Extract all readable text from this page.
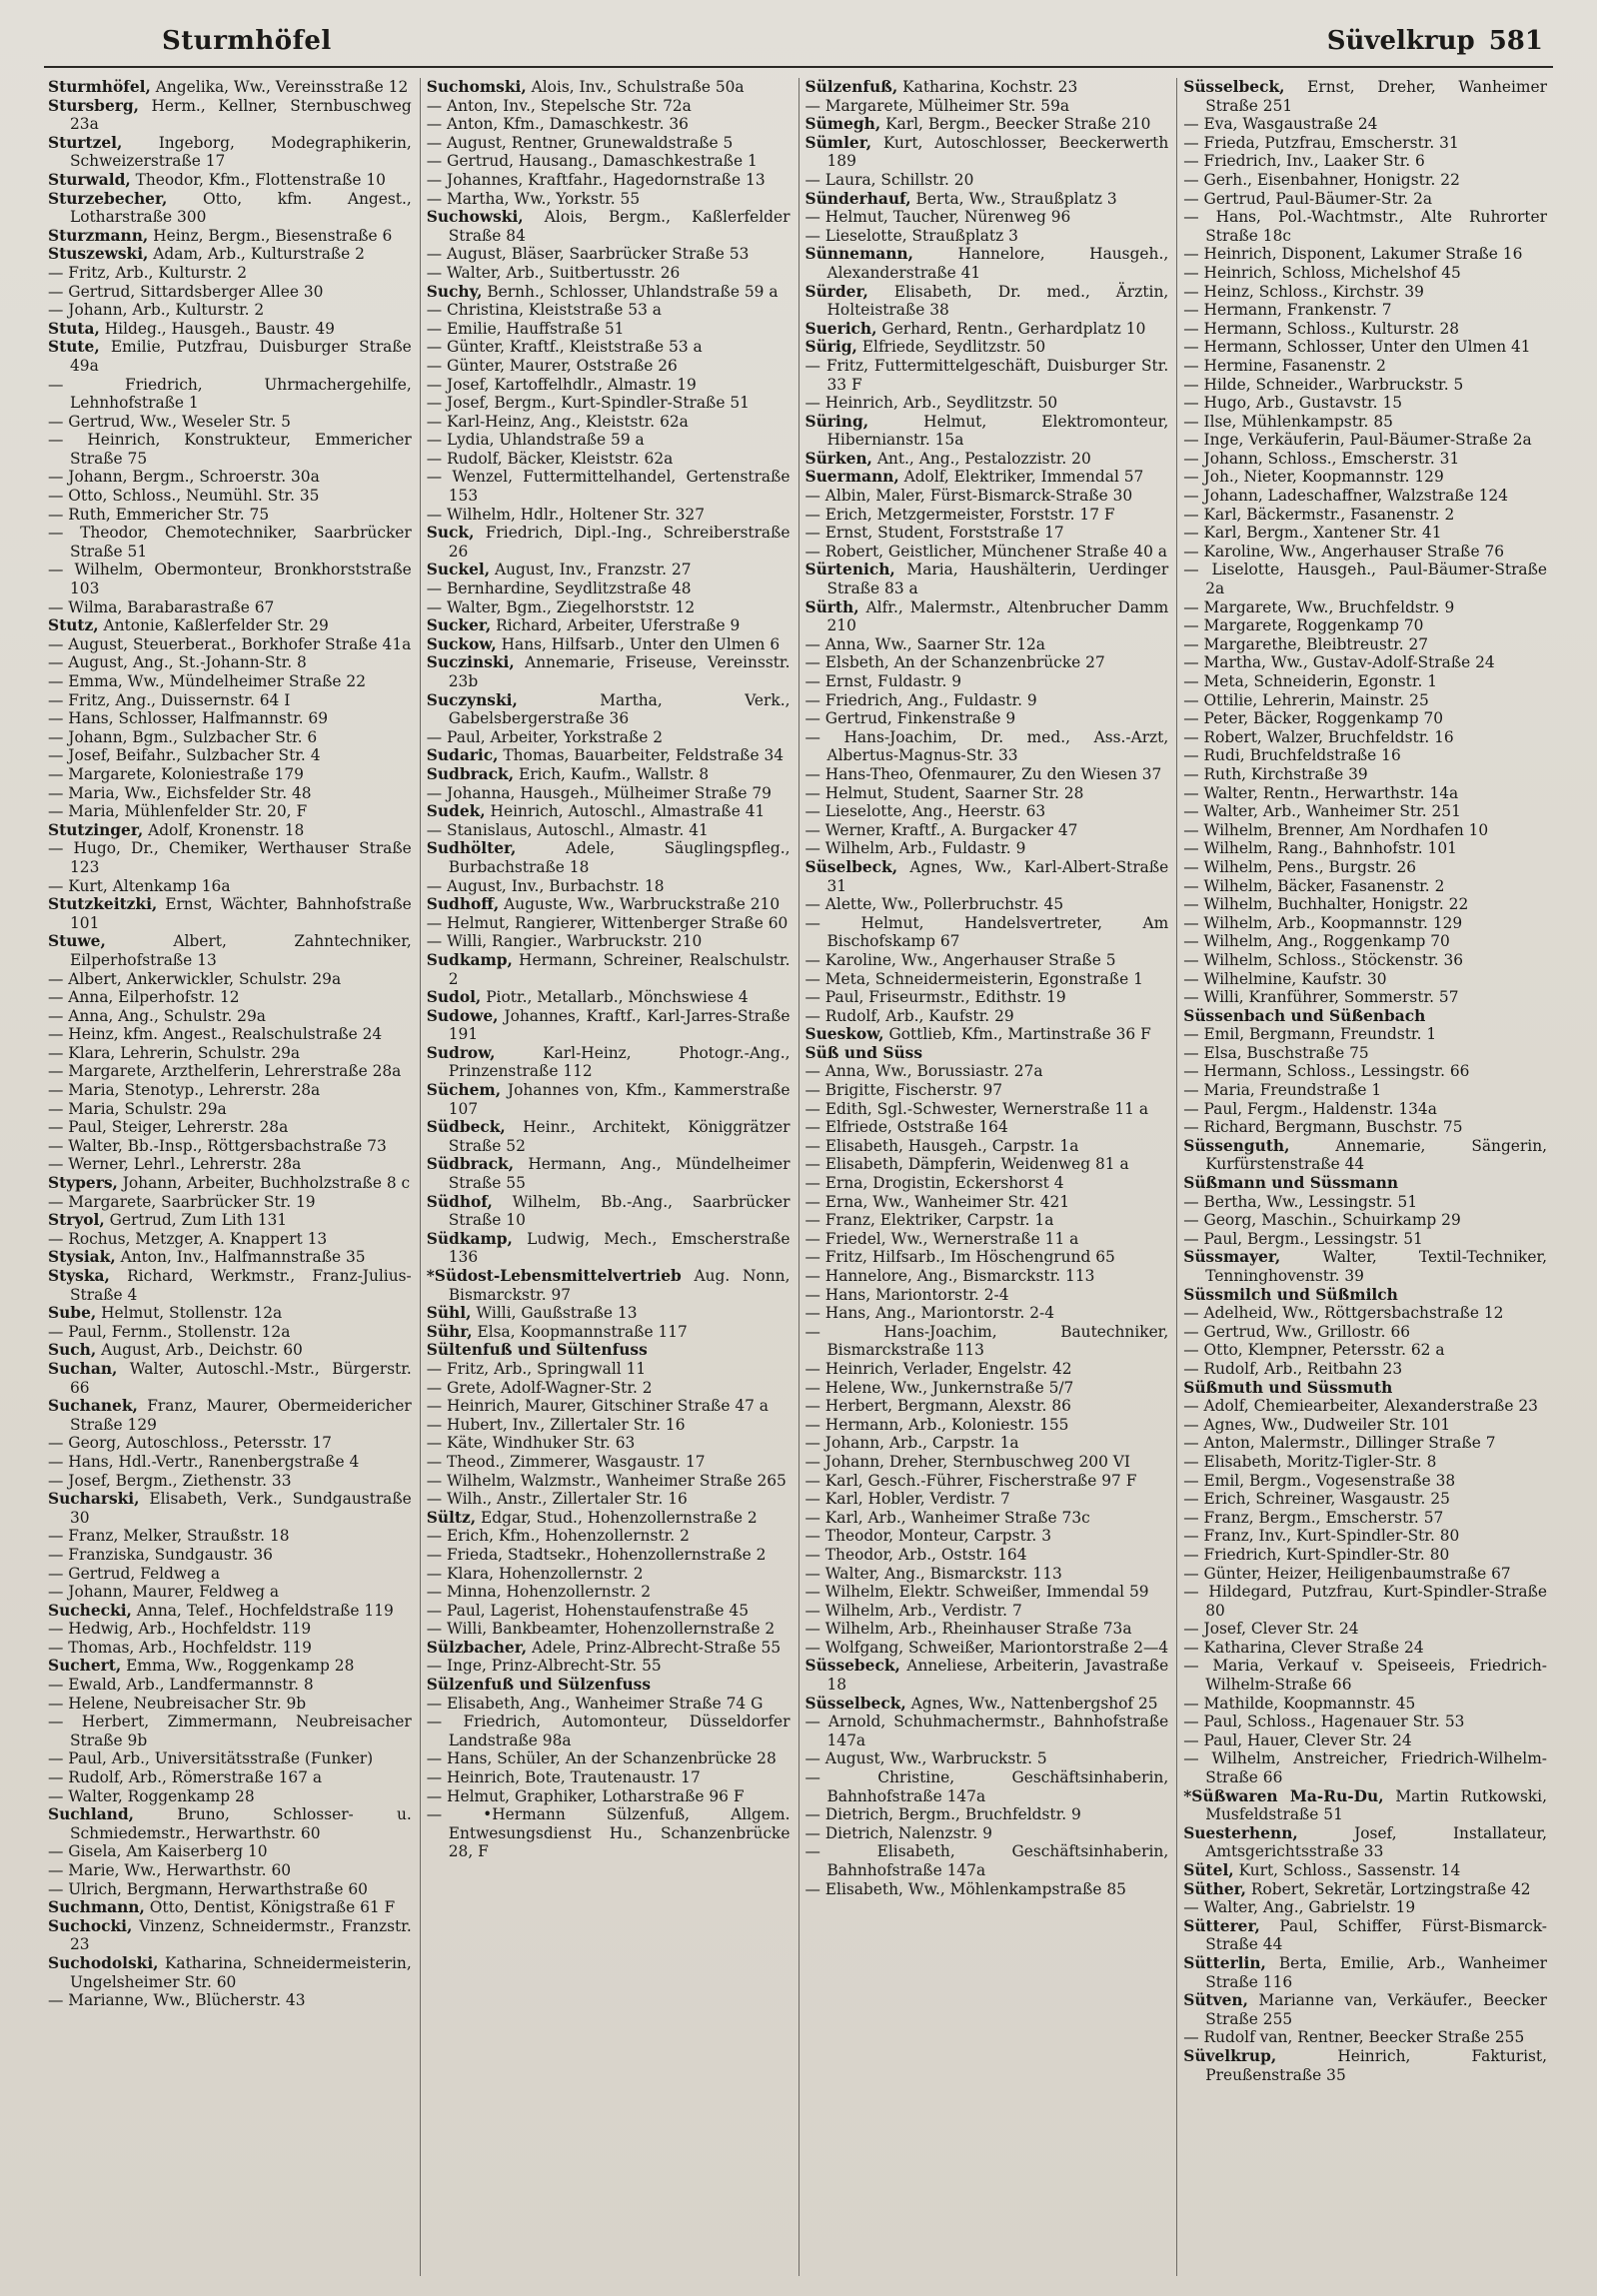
Sturmhöfel	Süvelkrup 581

Sturmhöfel, Angelika, Ww., Vereinsstraße 12

Stursberg, Herm., Kellner, Sternbuschweg 23a

Sturtzel, Ingeborg, Modegraphikerin, Schweizerstraße 17

Sturwald, Theodor, Kfm., Flottenstraße 10

Sturzebecher, Otto, kfm. Angest., Lotharstraße 300

Sturzmann, Heinz, Bergm., Biesenstraße 6

Stuszewski, Adam, Arb., Kulturstraße 2

— Fritz, Arb., Kulturstr. 2

— Gertrud, Sittardsberger Allee 30

— Johann, Arb., Kulturstr. 2

Stuta, Hildeg., Hausgeh., Baustr. 49

Stute, Emilie, Putzfrau, Duisburger Straße 49a

— Friedrich, Uhrmachergehilfe, Lehnhofstraße 1

— Gertrud, Ww., Weseler Str. 5

— Heinrich, Konstrukteur, Emmericher Straße 75

— Johann, Bergm., Schroerstr. 30a

— Otto, Schloss., Neumühl. Str. 35

— Ruth, Emmericher Str. 75

— Theodor, Chemotechniker, Saarbrücker Straße 51

— Wilhelm, Obermonteur, Bronkhorststraße 103

— Wilma, Barabarastraße 67

Stutz, Antonie, Kaßlerfelder Str. 29

— August, Steuerberat., Borkhofer Straße 41a

— August, Ang., St.-Johann-Str. 8

— Emma, Ww., Mündelheimer Straße 22

— Fritz, Ang., Duissernstr. 64 I

— Hans, Schlosser, Halfmannstr. 69

— Johann, Bgm., Sulzbacher Str. 6

— Josef, Beifahr., Sulzbacher Str. 4

— Margarete, Koloniestraße 179

— Maria, Ww., Eichsfelder Str. 48

— Maria, Mühlenfelder Str. 20, F

Stutzinger, Adolf, Kronenstr. 18

— Hugo, Dr., Chemiker, Werthauser Straße 123

— Kurt, Altenkamp 16a

Stutzkeitzki, Ernst, Wächter, Bahnhofstraße 101

Stuwe, Albert, Zahntechniker, Eilperhofstraße 13

— Albert, Ankerwickler, Schulstr. 29a

— Anna, Eilperhofstr. 12

— Anna, Ang., Schulstr. 29a

— Heinz, kfm. Angest., Realschulstraße 24

— Klara, Lehrerin, Schulstr. 29a

— Margarete, Arzthelferin, Lehrerstraße 28a

— Maria, Stenotyp., Lehrerstr. 28a

— Maria, Schulstr. 29a

— Paul, Steiger, Lehrerstr. 28a

— Walter, Bb.-Insp., Röttgersbachstraße 73

— Werner, Lehrl., Lehrerstr. 28a

Stypers, Johann, Arbeiter, Buchholzstraße 8 c

— Margarete, Saarbrücker Str. 19

Stryol, Gertrud, Zum Lith 131

— Rochus, Metzger, A. Knappert 13

Stysiak, Anton, Inv., Halfmannstraße 35

Styska, Richard, Werkmstr., Franz-Julius-Straße 4

Sube, Helmut, Stollenstr. 12a

— Paul, Fernm., Stollenstr. 12a

Such, August, Arb., Deichstr. 60

Suchan, Walter, Autoschl.-Mstr., Bürgerstr. 66

Suchanek, Franz, Maurer, Obermeidericher Straße 129

— Georg, Autoschloss., Petersstr. 17

— Hans, Hdl.-Vertr., Ranenbergstraße 4

— Josef, Bergm., Ziethenstr. 33

Sucharski, Elisabeth, Verk., Sundgaustraße 30

— Franz, Melker, Straußstr. 18

— Franziska, Sundgaustr. 36

— Gertrud, Feldweg a

— Johann, Maurer, Feldweg a

Suchecki, Anna, Telef., Hochfeldstraße 119

— Hedwig, Arb., Hochfeldstr. 119

— Thomas, Arb., Hochfeldstr. 119

Suchert, Emma, Ww., Roggenkamp 28

— Ewald, Arb., Landfermannstr. 8

— Helene, Neubreisacher Str. 9b

— Herbert, Zimmermann, Neubreisacher Straße 9b

— Paul, Arb., Universitätsstraße (Funker)

— Rudolf, Arb., Römerstraße 167 a

— Walter, Roggenkamp 28

Suchland, Bruno, Schlosser- u. Schmiedemstr., Herwarthstr. 60

— Gisela, Am Kaiserberg 10

— Marie, Ww., Herwarthstr. 60

— Ulrich, Bergmann, Herwarthstraße 60

Suchmann, Otto, Dentist, Königstraße 61 F

Suchocki, Vinzenz, Schneidermstr., Franzstr. 23

Suchodolski, Katharina, Schneidermeisterin, Ungelsheimer Str. 60

— Marianne, Ww., Blücherstr. 43

Suchomski, Alois, Inv., Schulstraße 50a

— Anton, Inv., Stepelsche Str. 72a

— Anton, Kfm., Damaschkestr. 36

— August, Rentner, Grunewaldstraße 5

— Gertrud, Hausang., Damaschkestraße 1

— Johannes, Kraftfahr., Hagedornstraße 13

— Martha, Ww., Yorkstr. 55

Suchowski, Alois, Bergm., Kaßlerfelder Straße 84

— August, Bläser, Saarbrücker Straße 53

— Walter, Arb., Suitbertusstr. 26

Suchy, Bernh., Schlosser, Uhlandstraße 59 a

— Christina, Kleiststraße 53 a

— Emilie, Hauffstraße 51

— Günter, Kraftf., Kleiststraße 53 a

— Günter, Maurer, Oststraße 26

— Josef, Kartoffelhdlr., Almastr. 19

— Josef, Bergm., Kurt-Spindler-Straße 51

— Karl-Heinz, Ang., Kleiststr. 62a

— Lydia, Uhlandstraße 59 a

— Rudolf, Bäcker, Kleiststr. 62a

— Wenzel, Futtermittelhandel, Gertenstraße 153

— Wilhelm, Hdlr., Holtener Str. 327

Suck, Friedrich, Dipl.-Ing., Schreiberstraße 26

Suckel, August, Inv., Franzstr. 27

— Bernhardine, Seydlitzstraße 48

— Walter, Bgm., Ziegelhorststr. 12

Sucker, Richard, Arbeiter, Uferstraße 9

Suckow, Hans, Hilfsarb., Unter den Ulmen 6

Suczinski, Annemarie, Friseuse, Vereinsstr. 23b

Suczynski, Martha, Verk., Gabelsbergerstraße 36

— Paul, Arbeiter, Yorkstraße 2

Sudaric, Thomas, Bauarbeiter, Feldstraße 34

Sudbrack, Erich, Kaufm., Wallstr. 8

— Johanna, Hausgeh., Mülheimer Straße 79

Sudek, Heinrich, Autoschl., Almastraße 41

— Stanislaus, Autoschl., Almastr. 41

Sudhölter, Adele, Säuglingspfleg., Burbachstraße 18

— August, Inv., Burbachstr. 18

Sudhoff, Auguste, Ww., Warbruckstraße 210

— Helmut, Rangierer, Wittenberger Straße 60

— Willi, Rangier., Warbruckstr. 210

Sudkamp, Hermann, Schreiner, Realschulstr. 2

Sudol, Piotr., Metallarb., Mönchswiese 4

Sudowe, Johannes, Kraftf., Karl-Jarres-Straße 191

Sudrow, Karl-Heinz, Photogr.-Ang., Prinzenstraße 112

Süchem, Johannes von, Kfm., Kammerstraße 107

Südbeck, Heinr., Architekt, Königgrätzer Straße 52

Südbrack, Hermann, Ang., Mündelheimer Straße 55

Südhof, Wilhelm, Bb.-Ang., Saarbrücker Straße 10

Südkamp, Ludwig, Mech., Emscherstraße 136

*Südost-Lebensmittelvertrieb Aug. Nonn, Bismarckstr. 97

Sühl, Willi, Gaußstraße 13

Sühr, Elsa, Koopmannstraße 117

Sültenfuß und Sültenfuss

— Fritz, Arb., Springwall 11

— Grete, Adolf-Wagner-Str. 2

— Heinrich, Maurer, Gitschiner Straße 47 a

— Hubert, Inv., Zillertaler Str. 16

— Käte, Windhuker Str. 63

— Theod., Zimmerer, Wasgaustr. 17

— Wilhelm, Walzmstr., Wanheimer Straße 265

— Wilh., Anstr., Zillertaler Str. 16

Sültz, Edgar, Stud., Hohenzollernstraße 2

— Erich, Kfm., Hohenzollernstr. 2

— Frieda, Stadtsekr., Hohenzollernstraße 2

— Klara, Hohenzollernstr. 2

— Minna, Hohenzollernstr. 2

— Paul, Lagerist, Hohenstaufenstraße 45

— Willi, Bankbeamter, Hohenzollernstraße 2

Sülzbacher, Adele, Prinz-Albrecht-Straße 55

— Inge, Prinz-Albrecht-Str. 55

Sülzenfuß und Sülzenfuss

— Elisabeth, Ang., Wanheimer Straße 74 G

— Friedrich, Automonteur, Düsseldorfer Landstraße 98a

— Hans, Schüler, An der Schanzenbrücke 28

— Heinrich, Bote, Trautenaustr. 17

— Helmut, Graphiker, Lotharstraße 96 F

— •Hermann Sülzenfuß, Allgem. Entwesungsdienst Hu., Schanzenbrücke 28, F

Sülzenfuß, Katharina, Kochstr. 23

— Margarete, Mülheimer Str. 59a

Sümegh, Karl, Bergm., Beecker Straße 210

Sümler, Kurt, Autoschlosser, Beeckerwerth 189

— Laura, Schillstr. 20

Sünderhauf, Berta, Ww., Straußplatz 3

— Helmut, Taucher, Nürenweg 96

— Lieselotte, Straußplatz 3

Sünnemann, Hannelore, Hausgeh., Alexanderstraße 41

Sürder, Elisabeth, Dr. med., Ärztin, Holteistraße 38

Suerich, Gerhard, Rentn., Gerhardplatz 10

Sürig, Elfriede, Seydlitzstr. 50

— Fritz, Futtermittelgeschäft, Duisburger Str. 33 F

— Heinrich, Arb., Seydlitzstr. 50

Süring, Helmut, Elektromonteur, Hibernianstr. 15a

Sürken, Ant., Ang., Pestalozzistr. 20

Suermann, Adolf, Elektriker, Immendal 57

— Albin, Maler, Fürst-Bismarck-Straße 30

— Erich, Metzgermeister, Forststr. 17 F

— Ernst, Student, Forststraße 17

— Robert, Geistlicher, Münchener Straße 40 a

Sürtenich, Maria, Haushälterin, Uerdinger Straße 83 a

Sürth, Alfr., Malermstr., Altenbrucher Damm 210

— Anna, Ww., Saarner Str. 12a

— Elsbeth, An der Schanzenbrücke 27

— Ernst, Fuldastr. 9

— Friedrich, Ang., Fuldastr. 9

— Gertrud, Finkenstraße 9

— Hans-Joachim, Dr. med., Ass.-Arzt, Albertus-Magnus-Str. 33

— Hans-Theo, Ofenmaurer, Zu den Wiesen 37

— Helmut, Student, Saarner Str. 28

— Lieselotte, Ang., Heerstr. 63

— Werner, Kraftf., A. Burgacker 47

— Wilhelm, Arb., Fuldastr. 9

Süselbeck, Agnes, Ww., Karl-Albert-Straße 31

— Alette, Ww., Pollerbruchstr. 45

— Helmut, Handelsvertreter, Am Bischofskamp 67

— Karoline, Ww., Angerhauser Straße 5

— Meta, Schneidermeisterin, Egonstraße 1

— Paul, Friseurmstr., Edithstr. 19

— Rudolf, Arb., Kaufstr. 29

Sueskow, Gottlieb, Kfm., Martinstraße 36 F

Süß und Süss

— Anna, Ww., Borussiastr. 27a

— Brigitte, Fischerstr. 97

— Edith, Sgl.-Schwester, Wernerstraße 11 a

— Elfriede, Oststraße 164

— Elisabeth, Hausgeh., Carpstr. 1a

— Elisabeth, Dämpferin, Weidenweg 81 a

— Erna, Drogistin, Eckershorst 4

— Erna, Ww., Wanheimer Str. 421

— Franz, Elektriker, Carpstr. 1a

— Friedel, Ww., Wernerstraße 11 a

— Fritz, Hilfsarb., Im Höschengrund 65

— Hannelore, Ang., Bismarckstr. 113

— Hans, Mariontorstr. 2-4

— Hans, Ang., Mariontorstr. 2-4

— Hans-Joachim, Bautechniker, Bismarckstraße 113

— Heinrich, Verlader, Engelstr. 42

— Helene, Ww., Junkernstraße 5/7

— Herbert, Bergmann, Alexstr. 86

— Hermann, Arb., Koloniestr. 155

— Johann, Arb., Carpstr. 1a

— Johann, Dreher, Sternbuschweg 200 VI

— Karl, Gesch.-Führer, Fischerstraße 97 F

— Karl, Hobler, Verdistr. 7

— Karl, Arb., Wanheimer Straße 73c

— Theodor, Monteur, Carpstr. 3

— Theodor, Arb., Oststr. 164

— Walter, Ang., Bismarckstr. 113

— Wilhelm, Elektr. Schweißer, Immendal 59

— Wilhelm, Arb., Verdistr. 7

— Wilhelm, Arb., Rheinhauser Straße 73a

— Wolfgang, Schweißer, Mariontorstraße 2—4

Süssebeck, Anneliese, Arbeiterin, Javastraße 18

Süsselbeck, Agnes, Ww., Nattenbergshof 25

— Arnold, Schuhmachermstr., Bahnhofstraße 147a

— August, Ww., Warbruckstr. 5

— Christine, Geschäftsinhaberin, Bahnhofstraße 147a

— Dietrich, Bergm., Bruchfeldstr. 9

— Dietrich, Nalenzstr. 9

— Elisabeth, Geschäftsinhaberin, Bahnhofstraße 147a

— Elisabeth, Ww., Möhlenkampstraße 85

Süsselbeck, Ernst, Dreher, Wanheimer Straße 251

— Eva, Wasgaustraße 24

— Frieda, Putzfrau, Emscherstr. 31

— Friedrich, Inv., Laaker Str. 6

— Gerh., Eisenbahner, Honigstr. 22

— Gertrud, Paul-Bäumer-Str. 2a

— Hans, Pol.-Wachtmstr., Alte Ruhrorter Straße 18c

— Heinrich, Disponent, Lakumer Straße 16

— Heinrich, Schloss, Michelshof 45

— Heinz, Schloss., Kirchstr. 39

— Hermann, Frankenstr. 7

— Hermann, Schloss., Kulturstr. 28

— Hermann, Schlosser, Unter den Ulmen 41

— Hermine, Fasanenstr. 2

— Hilde, Schneider., Warbruckstr. 5

— Hugo, Arb., Gustavstr. 15

— Ilse, Mühlenkampstr. 85

— Inge, Verkäuferin, Paul-Bäumer-Straße 2a

— Johann, Schloss., Emscherstr. 31

— Joh., Nieter, Koopmannstr. 129

— Johann, Ladeschaffner, Walzstraße 124

— Karl, Bäckermstr., Fasanenstr. 2

— Karl, Bergm., Xantener Str. 41

— Karoline, Ww., Angerhauser Straße 76

— Liselotte, Hausgeh., Paul-Bäumer-Straße 2a

— Margarete, Ww., Bruchfeldstr. 9

— Margarete, Roggenkamp 70

— Margarethe, Bleibtreustr. 27

— Martha, Ww., Gustav-Adolf-Straße 24

— Meta, Schneiderin, Egonstr. 1

— Ottilie, Lehrerin, Mainstr. 25

— Peter, Bäcker, Roggenkamp 70

— Robert, Walzer, Bruchfeldstr. 16

— Rudi, Bruchfeldstraße 16

— Ruth, Kirchstraße 39

— Walter, Rentn., Herwarthstr. 14a

— Walter, Arb., Wanheimer Str. 251

— Wilhelm, Brenner, Am Nordhafen 10

— Wilhelm, Rang., Bahnhofstr. 101

— Wilhelm, Pens., Burgstr. 26

— Wilhelm, Bäcker, Fasanenstr. 2

— Wilhelm, Buchhalter, Honigstr. 22

— Wilhelm, Arb., Koopmannstr. 129

— Wilhelm, Ang., Roggenkamp 70

— Wilhelm, Schloss., Stöckenstr. 36

— Wilhelmine, Kaufstr. 30

— Willi, Kranführer, Sommerstr. 57

Süssenbach und Süßenbach

— Emil, Bergmann, Freundstr. 1

— Elsa, Buschstraße 75

— Hermann, Schloss., Lessingstr. 66

— Maria, Freundstraße 1

— Paul, Fergm., Haldenstr. 134a

— Richard, Bergmann, Buschstr. 75

Süssenguth, Annemarie, Sängerin, Kurfürstenstraße 44

Süßmann und Süssmann

— Bertha, Ww., Lessingstr. 51

— Georg, Maschin., Schuirkamp 29

— Paul, Bergm., Lessingstr. 51

Süssmayer, Walter, Textil-Techniker, Tenninghovenstr. 39

Süssmilch und Süßmilch

— Adelheid, Ww., Röttgersbachstraße 12

— Gertrud, Ww., Grillostr. 66

— Otto, Klempner, Petersstr. 62 a

— Rudolf, Arb., Reitbahn 23

Süßmuth und Süssmuth

— Adolf, Chemiearbeiter, Alexanderstraße 23

— Agnes, Ww., Dudweiler Str. 101

— Anton, Malermstr., Dillinger Straße 7

— Elisabeth, Moritz-Tigler-Str. 8

— Emil, Bergm., Vogesenstraße 38

— Erich, Schreiner, Wasgaustr. 25

— Franz, Bergm., Emscherstr. 57

— Franz, Inv., Kurt-Spindler-Str. 80

— Friedrich, Kurt-Spindler-Str. 80

— Günter, Heizer, Heiligenbaumstraße 67

— Hildegard, Putzfrau, Kurt-Spindler-Straße 80

— Josef, Clever Str. 24

— Katharina, Clever Straße 24

— Maria, Verkauf v. Speiseeis, Friedrich-Wilhelm-Straße 66

— Mathilde, Koopmannstr. 45

— Paul, Schloss., Hagenauer Str. 53

— Paul, Hauer, Clever Str. 24

— Wilhelm, Anstreicher, Friedrich-Wilhelm-Straße 66

*Süßwaren Ma-Ru-Du, Martin Rutkowski, Musfeldstraße 51

Suesterhenn, Josef, Installateur, Amtsgerichtsstraße 33

Sütel, Kurt, Schloss., Sassenstr. 14

Süther, Robert, Sekretär, Lortzingstraße 42

— Walter, Ang., Gabrielstr. 19

Sütterer, Paul, Schiffer, Fürst-Bismarck-Straße 44

Sütterlin, Berta, Emilie, Arb., Wanheimer Straße 116

Sütven, Marianne van, Verkäufer., Beecker Straße 255

— Rudolf van, Rentner, Beecker Straße 255

Süvelkrup, Heinrich, Fakturist, Preußenstraße 35
